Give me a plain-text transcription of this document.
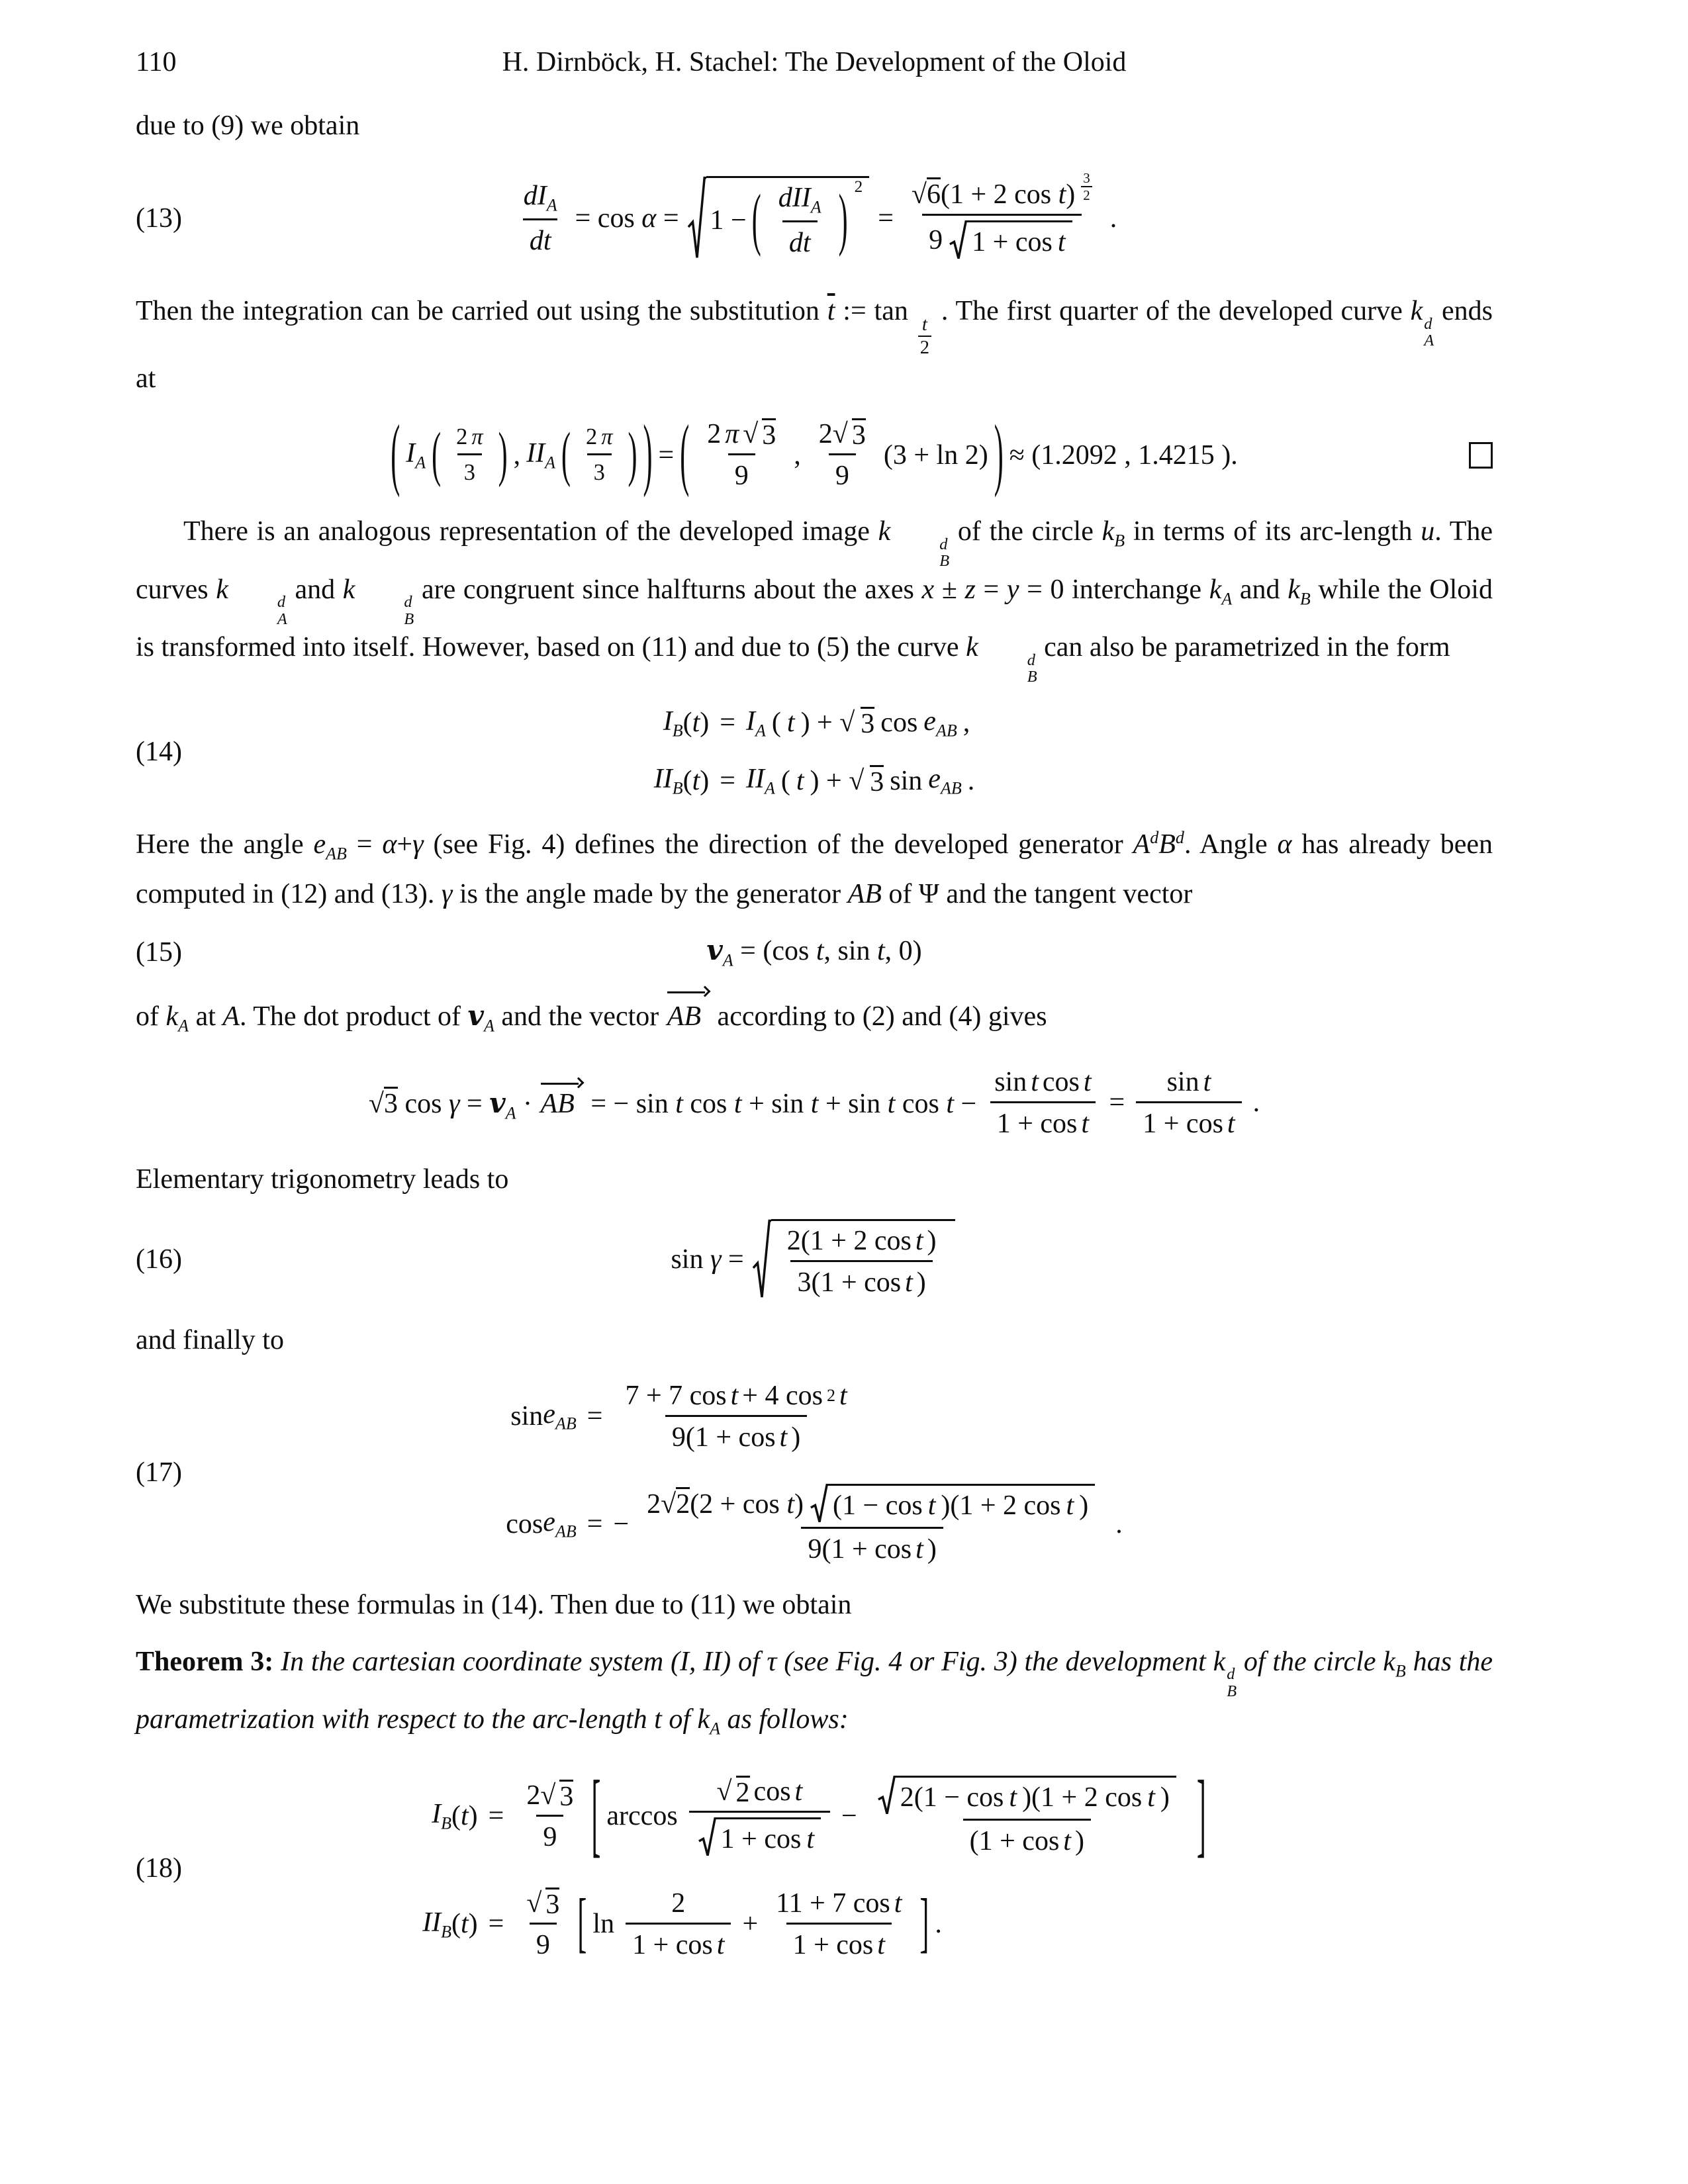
110	H. Dirnböck, H. Stachel: The Development of the Oloid

due to (9) we obtain

(13)	$\frac{dI_A}{dt} = \cos \alpha = 1$ − ( $\frac{dII_A}{dt}$ ) 2
= √6(1 + 2 cos t)
3
2
9 1 + cos t .

Then the integration can be carried out using the substitution $\overline{t}$ := tan
$\frac{t}{2}$
. The first quarter of the developed curve k d
A
ends at

( $I_A$ ( $\frac{2 \pi}{3}$ ) , $II_A$ ( $\frac{2 \pi}{3}$ ) ) = ( $\frac{2 \pi √ 3}{9}$ , $\frac{2√ 3}{9} (3 + \ln 2)$ ) ≈ (1.2092 , 1.4215 ).

There is an analogous representation of the developed image k	d
B
of the circle $k_B$ in terms of its arc-length u. The curves k	d
A
and k	d
B
are congruent since halfturns about the axes x ± z = y = 0 interchange $k_A$ and $k_B$ while the Oloid is transformed into itself. However, based on (11) and due to (5) the curve k	d
B
can also be parametrized in the form

(14)
$I_B$ ( t ) = $I_A$ ( t ) + √ 3 $\cos e_{AB}$ ,
$II_B$ ( t ) = $II_A$ ( t ) + √ 3 $\sin e_{AB}$ .

Here the angle $e_{AB} = \alpha+\gamma$ (see Fig. 4) defines the direction of the developed generator $A^dB^d$. Angle α has already been computed in (12) and (13). γ is the angle made by the generator AB of Ψ and the tangent vector

(15)	$v_A = (\cos$ t, sin t, 0)

of $k_A$ at A. The dot product of $v_A$ and the vector AB according to (2) and (4) gives

√3 $\cos \gamma = v_A$ · AB = − sin t cos t + sin t + sin t $\cos t - \frac{\text{sin t cos t}}{\text{1 + cos t}} = \frac{\text{sin t}}{\text{1 + cos t}}$ .

Elementary trigonometry leads to

(16)	$\sin \gamma = \frac{\text{2(1 + 2 cos t )}}{\text{3(1 + cos t )}}$

and finally to

(17)
$\sin e_{AB} = \frac{\text{7 + 7 cos t + 4 cos 2 t}}{\text{9(1 + cos t )}}$
$\cos e_{AB}$ = −
2√2(2 + cos t) (1 − cos t )(1 + 2 cos t )
9(1 + cos t )
.

We substitute these formulas in (14). Then due to (11) we obtain

Theorem 3: In the cartesian coordinate system (I, II) of τ (see Fig. 4 or Fig. 3) the development k d
B
of the circle $k_B$ has the parametrization with respect to the arc-length t of $k_A$ as follows:

(18)
$I_B$ ( t ) = $\frac{2√ 3}{9}$ [ $\arccos \frac{\text{√ 2 cos t}}{\text{1 + cos t}} - \frac{\text{2(1 − cos t )(1 + 2 cos t )}}{\text{(1 + cos t )}}$ ]
$II_B$ ( t ) = $\frac{√ 3}{9}$ [ $\ln \frac{2}{\text{1 + cos t}} + \frac{\text{11 + 7 cos t}}{\text{1 + cos t}}$ ] .
